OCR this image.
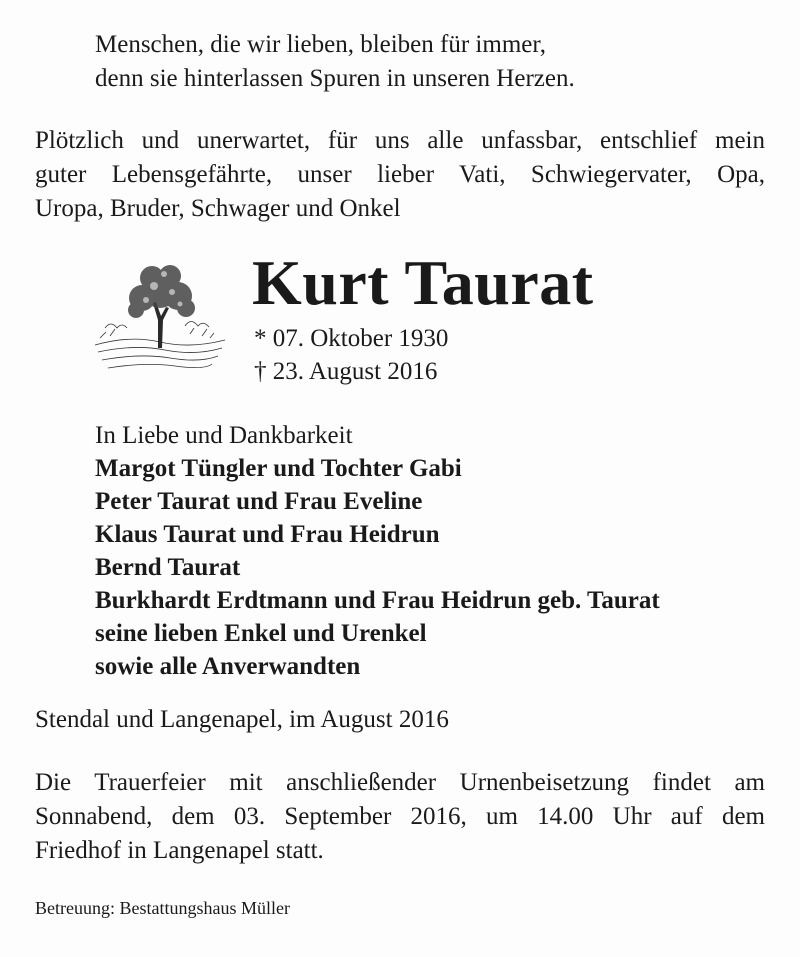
Menschen, die wir lieben, bleiben für immer,
denn sie hinterlassen Spuren in unseren Herzen.
Plötzlich und unerwartet, für uns alle unfassbar, entschlief mein
guter Lebensgefährte, unser lieber Vati, Schwiegervater, Opa,
Uropa, Bruder, Schwager und Onkel
Kurt Taurat
* 07. Oktober 1930
† 23. August 2016
In Liebe und Dankbarkeit
Margot Tüngler und Tochter Gabi
Peter Taurat und Frau Eveline
Klaus Taurat und Frau Heidrun
Bernd Taurat
Burkhardt Erdtmann und Frau Heidrun geb. Taurat
seine lieben Enkel und Urenkel
sowie alle Anverwandten
Stendal und Langenapel, im August 2016
Die Trauerfeier mit anschließender Urnenbeisetzung findet am
Sonnabend, dem 03. September 2016, um 14.00 Uhr auf dem
Friedhof in Langenapel statt.
Betreuung: Bestattungshaus Müller
